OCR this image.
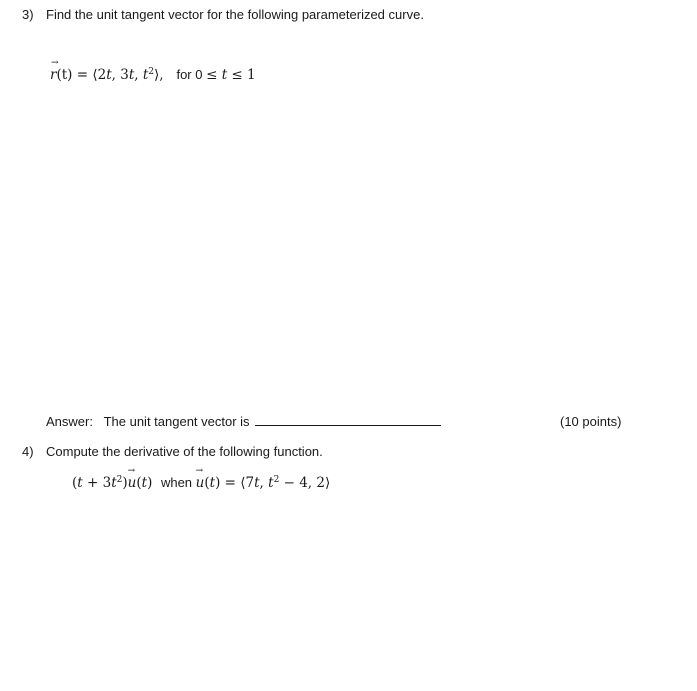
3) Find the unit tangent vector for the following parameterized curve.
→
r(t) = ⟨2t, 3t, $t^2⟩$, for 0 ≤ t ≤ 1
Answer: The unit tangent vector is	(10 points)
4) Compute the derivative of the following function.
$(t + 3t^2)$
→
u(t) when
→
u(t) = ⟨7t, $t^2 - 4$, 2⟩
